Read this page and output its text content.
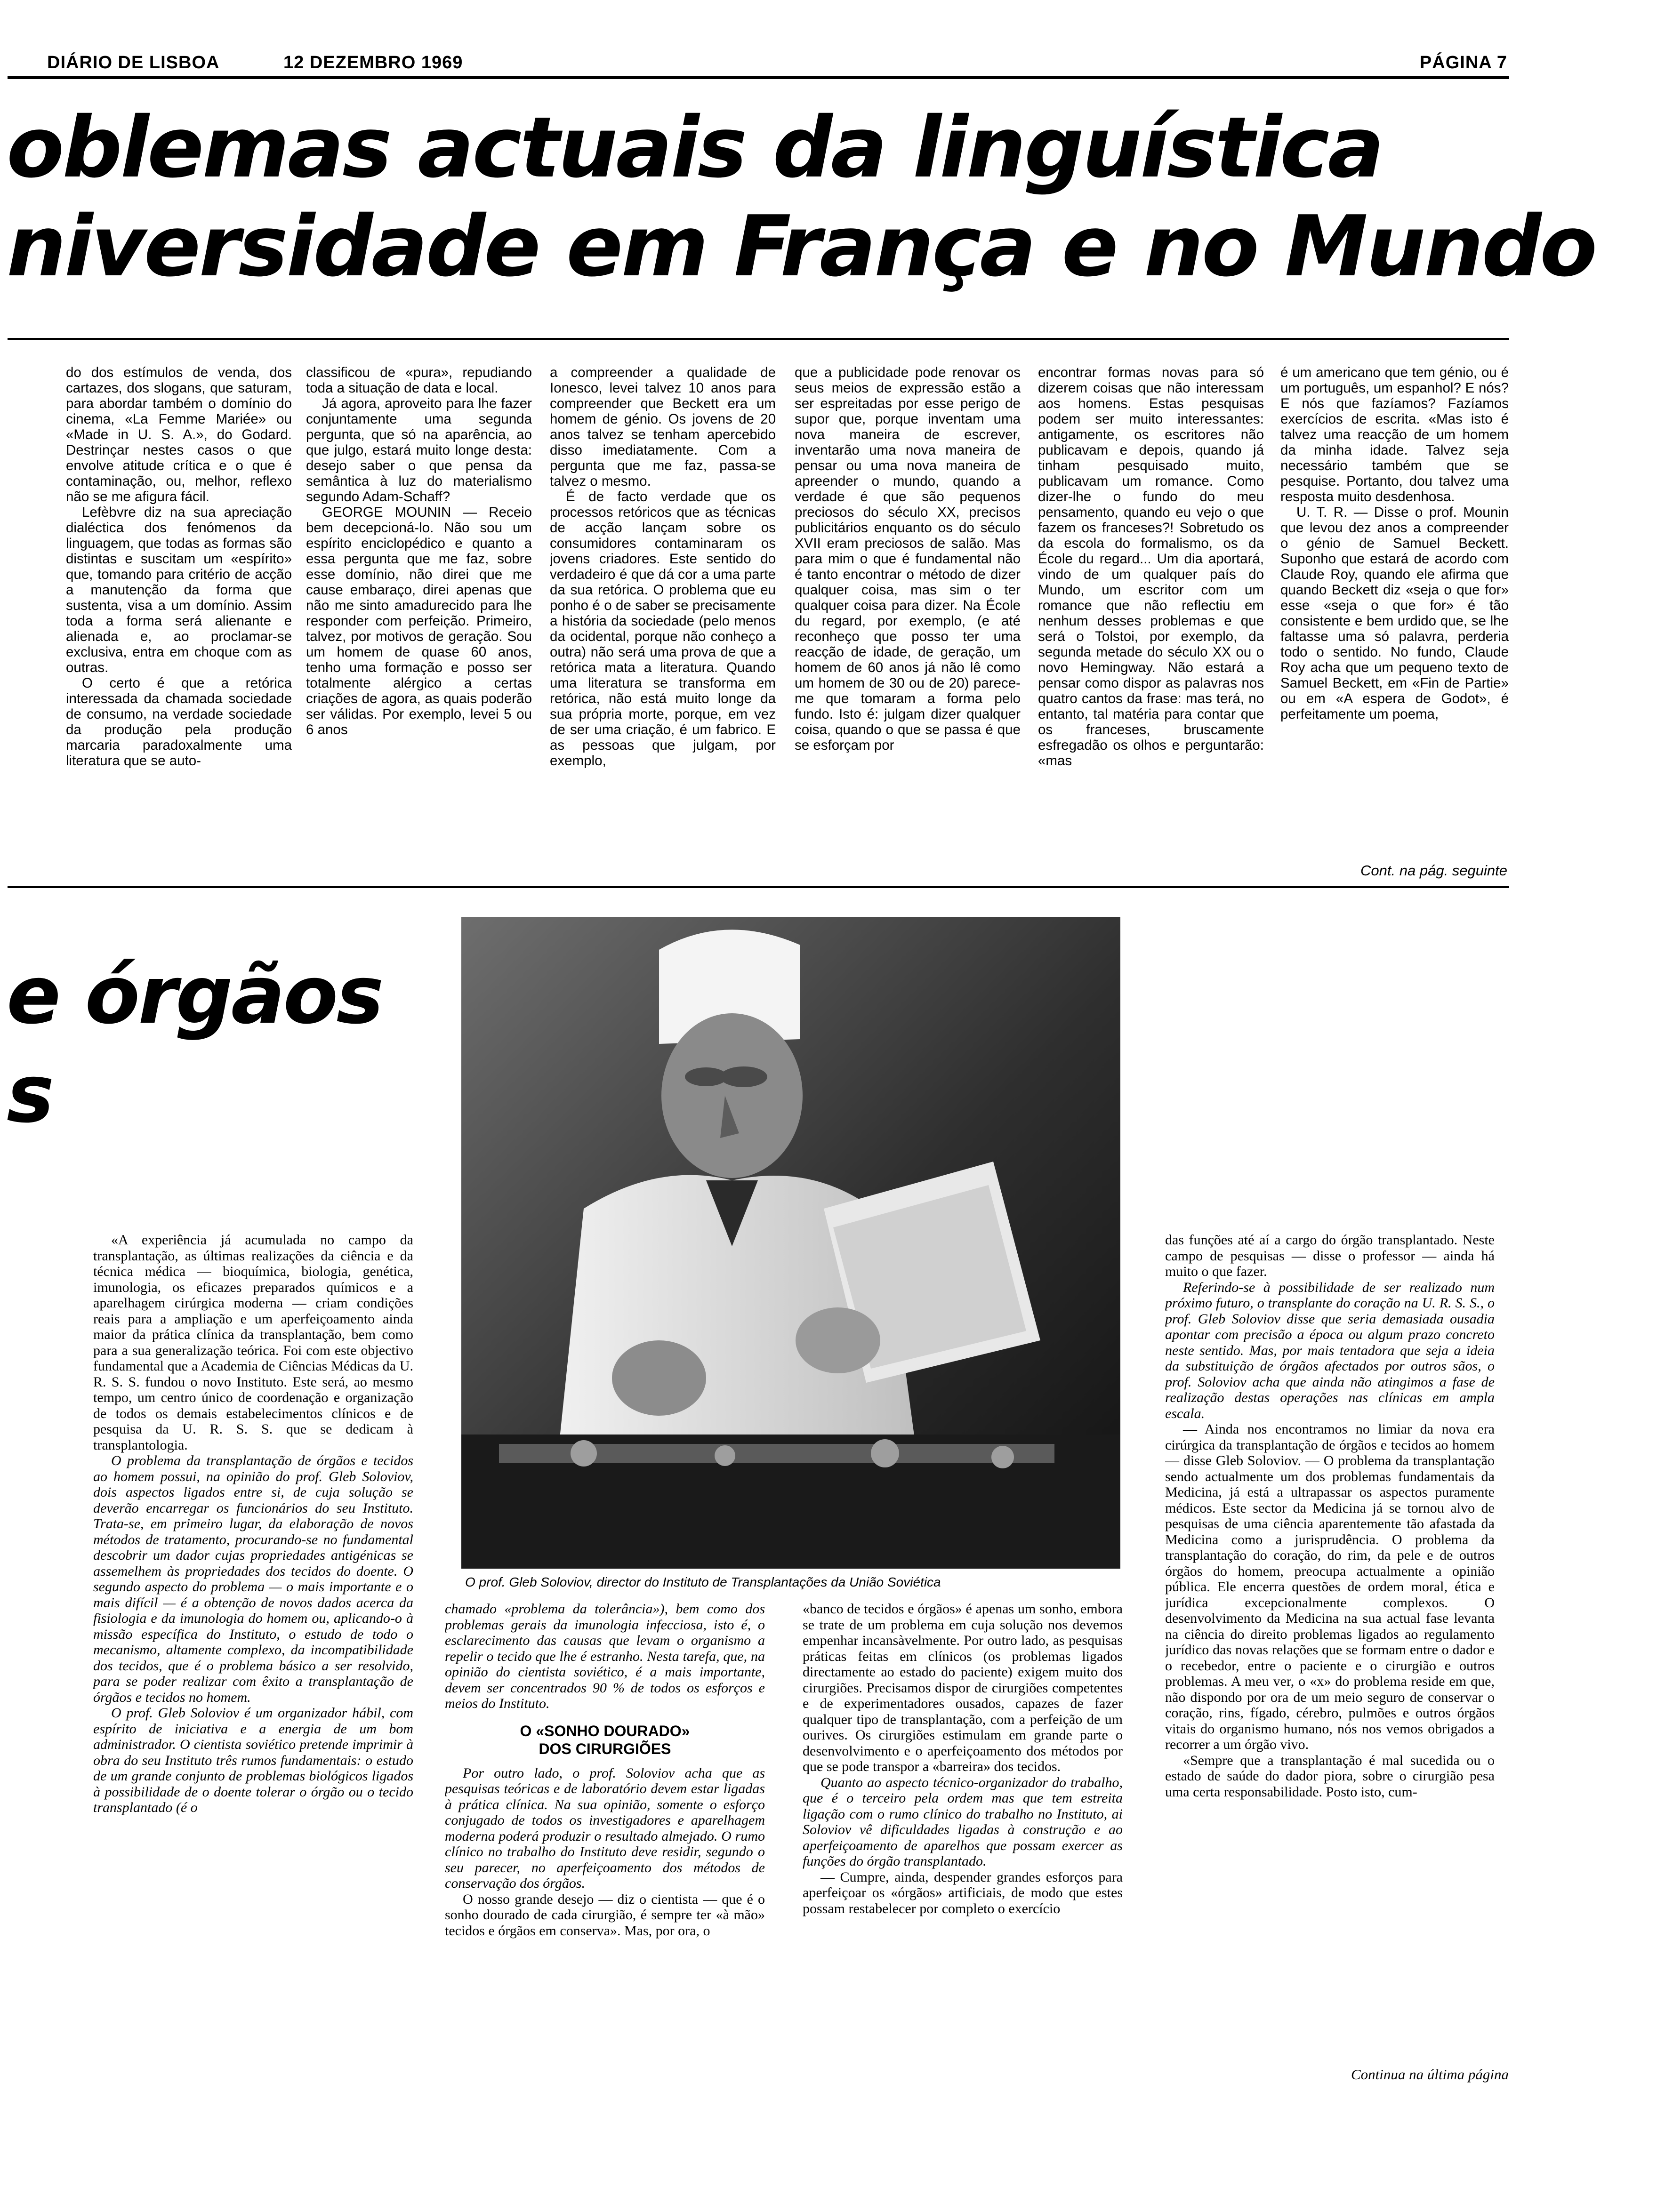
DIÁRIO DE LISBOA	12 DEZEMBRO 1969	PÁGINA 7
oblemas actuais da linguística
niversidade em França e no Mundo

do dos estímulos de venda, dos cartazes, dos slogans, que saturam, para abordar também o domínio do cinema, «La Femme Mariée» ou «Made in U. S. A.», do Godard. Destrinçar nestes casos o que envolve atitude crítica e o que é contaminação, ou, melhor, reflexo não se me afigura fácil.

Lefèbvre diz na sua apreciação dialéctica dos fenómenos da linguagem, que todas as formas são distintas e suscitam um «espírito» que, tomando para critério de acção a manutenção da forma que sustenta, visa a um domínio. Assim toda a forma será alienante e alienada e, ao proclamar-se exclusiva, entra em choque com as outras.

O certo é que a retórica interessada da chamada sociedade de consumo, na verdade sociedade da produção pela produção marcaria paradoxalmente uma literatura que se auto-

classificou de «pura», repudiando toda a situação de data e local.

Já agora, aproveito para lhe fazer conjuntamente uma segunda pergunta, que só na aparência, ao que julgo, estará muito longe desta: desejo saber o que pensa da semântica à luz do materialismo segundo Adam-Schaff?

GEORGE MOUNIN — Receio bem decepcioná-lo. Não sou um espírito enciclopédico e quanto a essa pergunta que me faz, sobre esse domínio, não direi que me cause embaraço, direi apenas que não me sinto amadurecido para lhe responder com perfeição. Primeiro, talvez, por motivos de geração. Sou um homem de quase 60 anos, tenho uma formação e posso ser totalmente alérgico a certas criações de agora, as quais poderão ser válidas. Por exemplo, levei 5 ou 6 anos

a compreender a qualidade de Ionesco, levei talvez 10 anos para compreender que Beckett era um homem de génio. Os jovens de 20 anos talvez se tenham apercebido disso imediatamente. Com a pergunta que me faz, passa-se talvez o mesmo.

É de facto verdade que os processos retóricos que as técnicas de acção lançam sobre os consumidores contaminaram os jovens criadores. Este sentido do verdadeiro é que dá cor a uma parte da sua retórica. O problema que eu ponho é o de saber se precisamente a história da sociedade (pelo menos da ocidental, porque não conheço a outra) não será uma prova de que a retórica mata a literatura. Quando uma literatura se transforma em retórica, não está muito longe da sua própria morte, porque, em vez de ser uma criação, é um fabrico. E as pessoas que julgam, por exemplo,

que a publicidade pode renovar os seus meios de expressão estão a ser espreitadas por esse perigo de supor que, porque inventam uma nova maneira de escrever, inventarão uma nova maneira de pensar ou uma nova maneira de apreender o mundo, quando a verdade é que são pequenos preciosos do século XX, precisos publicitários enquanto os do século XVII eram preciosos de salão. Mas para mim o que é fundamental não é tanto encontrar o método de dizer qualquer coisa, mas sim o ter qualquer coisa para dizer. Na École du regard, por exemplo, (e até reconheço que posso ter uma reacção de idade, de geração, um homem de 60 anos já não lê como um homem de 30 ou de 20) parece-me que tomaram a forma pelo fundo. Isto é: julgam dizer qualquer coisa, quando o que se passa é que se esforçam por

encontrar formas novas para só dizerem coisas que não interessam aos homens. Estas pesquisas podem ser muito interessantes: antigamente, os escritores não publicavam e depois, quando já tinham pesquisado muito, publicavam um romance. Como dizer-lhe o fundo do meu pensamento, quando eu vejo o que fazem os franceses?! Sobretudo os da escola do formalismo, os da École du regard... Um dia aportará, vindo de um qualquer país do Mundo, um escritor com um romance que não reflectiu em nenhum desses problemas e que será o Tolstoi, por exemplo, da segunda metade do século XX ou o novo Hemingway. Não estará a pensar como dispor as palavras nos quatro cantos da frase: mas terá, no entanto, tal matéria para contar que os franceses, bruscamente esfregadão os olhos e perguntarão: «mas

é um americano que tem génio, ou é um português, um espanhol? E nós? E nós que fazíamos? Fazíamos exercícios de escrita. «Mas isto é talvez uma reacção de um homem da minha idade. Talvez seja necessário também que se pesquise. Portanto, dou talvez uma resposta muito desdenhosa.

U. T. R. — Disse o prof. Mounin que levou dez anos a compreender o génio de Samuel Beckett. Suponho que estará de acordo com Claude Roy, quando ele afirma que quando Beckett diz «seja o que for» esse «seja o que for» é tão consistente e bem urdido que, se lhe faltasse uma só palavra, perderia todo o sentido. No fundo, Claude Roy acha que um pequeno texto de Samuel Beckett, em «Fin de Partie» ou em «A espera de Godot», é perfeitamente um poema,

Cont. na pág. seguinte
e órgãos
s
O prof. Gleb Soloviov, director do Instituto de Transplantações da União Soviética

«A experiência já acumulada no campo da transplantação, as últimas realizações da ciência e da técnica médica — bioquímica, biologia, genética, imunologia, os eficazes preparados químicos e a aparelhagem cirúrgica moderna — criam condições reais para a ampliação e um aperfeiçoamento ainda maior da prática clínica da transplantação, bem como para a sua generalização teórica. Foi com este objectivo fundamental que a Academia de Ciências Médicas da U. R. S. S. fundou o novo Instituto. Este será, ao mesmo tempo, um centro único de coordenação e organização de todos os demais estabelecimentos clínicos e de pesquisa da U. R. S. S. que se dedicam à transplantologia.

O problema da transplantação de órgãos e tecidos ao homem possui, na opinião do prof. Gleb Soloviov, dois aspectos ligados entre si, de cuja solução se deverão encarregar os funcionários do seu Instituto. Trata-se, em primeiro lugar, da elaboração de novos métodos de tratamento, procurando-se no fundamental descobrir um dador cujas propriedades antigénicas se assemelhem às propriedades dos tecidos do doente. O segundo aspecto do problema — o mais importante e o mais difícil — é a obtenção de novos dados acerca da fisiologia e da imunologia do homem ou, aplicando-o à missão específica do Instituto, o estudo de todo o mecanismo, altamente complexo, da incompatibilidade dos tecidos, que é o problema básico a ser resolvido, para se poder realizar com êxito a transplantação de órgãos e tecidos no homem.

O prof. Gleb Soloviov é um organizador hábil, com espírito de iniciativa e a energia de um bom administrador. O cientista soviético pretende imprimir à obra do seu Instituto três rumos fundamentais: o estudo de um grande conjunto de problemas biológicos ligados à possibilidade de o doente tolerar o órgão ou o tecido transplantado (é o

chamado «problema da tolerância»), bem como dos problemas gerais da imunologia infecciosa, isto é, o esclarecimento das causas que levam o organismo a repelir o tecido que lhe é estranho. Nesta tarefa, que, na opinião do cientista soviético, é a mais importante, devem ser concentrados 90 % de todos os esforços e meios do Instituto.

O «SONHO DOURADO»
DOS CIRURGIÕES

Por outro lado, o prof. Soloviov acha que as pesquisas teóricas e de laboratório devem estar ligadas à prática clínica. Na sua opinião, somente o esforço conjugado de todos os investigadores e aparelhagem moderna poderá produzir o resultado almejado. O rumo clínico no trabalho do Instituto deve residir, segundo o seu parecer, no aperfeiçoamento dos métodos de conservação dos órgãos.

O nosso grande desejo — diz o cientista — que é o sonho dourado de cada cirurgião, é sempre ter «à mão» tecidos e órgãos em conserva». Mas, por ora, o

«banco de tecidos e órgãos» é apenas um sonho, embora se trate de um problema em cuja solução nos devemos empenhar incansàvelmente. Por outro lado, as pesquisas práticas feitas em clínicos (os problemas ligados directamente ao estado do paciente) exigem muito dos cirurgiões. Precisamos dispor de cirurgiões competentes e de experimentadores ousados, capazes de fazer qualquer tipo de transplantação, com a perfeição de um ourives. Os cirurgiões estimulam em grande parte o desenvolvimento e o aperfeiçoamento dos métodos por que se pode transpor a «barreira» dos tecidos.

Quanto ao aspecto técnico-organizador do trabalho, que é o terceiro pela ordem mas que tem estreita ligação com o rumo clínico do trabalho no Instituto, ai Soloviov vê dificuldades ligadas à construção e ao aperfeiçoamento de aparelhos que possam exercer as funções do órgão transplantado.

— Cumpre, ainda, despender grandes esforços para aperfeiçoar os «órgãos» artificiais, de modo que estes possam restabelecer por completo o exercício

das funções até aí a cargo do órgão transplantado. Neste campo de pesquisas — disse o professor — ainda há muito o que fazer.

Referindo-se à possibilidade de ser realizado num próximo futuro, o transplante do coração na U. R. S. S., o prof. Gleb Soloviov disse que seria demasiada ousadia apontar com precisão a época ou algum prazo concreto neste sentido. Mas, por mais tentadora que seja a ideia da substituição de órgãos afectados por outros sãos, o prof. Soloviov acha que ainda não atingimos a fase de realização destas operações nas clínicas em ampla escala.

— Ainda nos encontramos no limiar da nova era cirúrgica da transplantação de órgãos e tecidos ao homem — disse Gleb Soloviov. — O problema da transplantação sendo actualmente um dos problemas fundamentais da Medicina, já está a ultrapassar os aspectos puramente médicos. Este sector da Medicina já se tornou alvo de pesquisas de uma ciência aparentemente tão afastada da Medicina como a jurisprudência. O problema da transplantação do coração, do rim, da pele e de outros órgãos do homem, preocupa actualmente a opinião pública. Ele encerra questões de ordem moral, ética e jurídica excepcionalmente complexos. O desenvolvimento da Medicina na sua actual fase levanta na ciência do direito problemas ligados ao regulamento jurídico das novas relações que se formam entre o dador e o recebedor, entre o paciente e o cirurgião e outros problemas. A meu ver, o «x» do problema reside em que, não dispondo por ora de um meio seguro de conservar o coração, rins, fígado, cérebro, pulmões e outros órgãos vitais do organismo humano, nós nos vemos obrigados a recorrer a um órgão vivo.

«Sempre que a transplantação é mal sucedida ou o estado de saúde do dador piora, sobre o cirurgião pesa uma certa responsabilidade. Posto isto, cum-

Continua na última página
